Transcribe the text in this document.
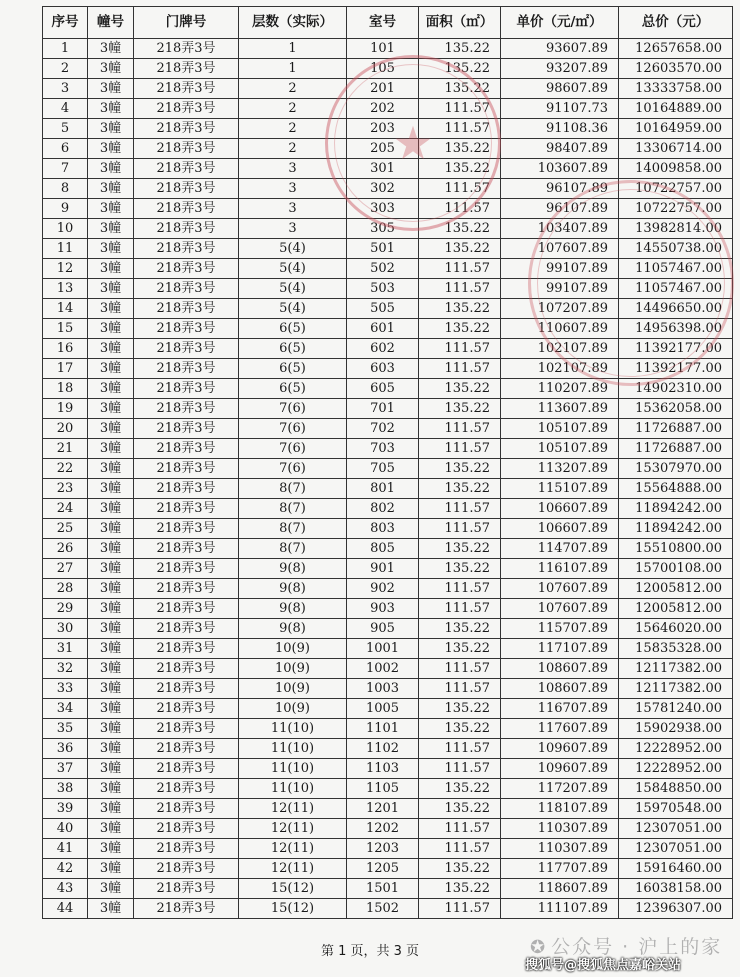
序号	幢号	门牌号	层数（实际）	室号	面积（㎡）	单价（元/㎡）	总价（元）
1	3幢	218弄3号	1	101	135.22	93607.89	12657658.00
2	3幢	218弄3号	1	105	135.22	93207.89	12603570.00
3	3幢	218弄3号	2	201	135.22	98607.89	13333758.00
4	3幢	218弄3号	2	202	111.57	91107.73	10164889.00
5	3幢	218弄3号	2	203	111.57	91108.36	10164959.00
6	3幢	218弄3号	2	205	135.22	98407.89	13306714.00
7	3幢	218弄3号	3	301	135.22	103607.89	14009858.00
8	3幢	218弄3号	3	302	111.57	96107.89	10722757.00
9	3幢	218弄3号	3	303	111.57	96107.89	10722757.00
10	3幢	218弄3号	3	305	135.22	103407.89	13982814.00
11	3幢	218弄3号	5(4)	501	135.22	107607.89	14550738.00
12	3幢	218弄3号	5(4)	502	111.57	99107.89	11057467.00
13	3幢	218弄3号	5(4)	503	111.57	99107.89	11057467.00
14	3幢	218弄3号	5(4)	505	135.22	107207.89	14496650.00
15	3幢	218弄3号	6(5)	601	135.22	110607.89	14956398.00
16	3幢	218弄3号	6(5)	602	111.57	102107.89	11392177.00
17	3幢	218弄3号	6(5)	603	111.57	102107.89	11392177.00
18	3幢	218弄3号	6(5)	605	135.22	110207.89	14902310.00
19	3幢	218弄3号	7(6)	701	135.22	113607.89	15362058.00
20	3幢	218弄3号	7(6)	702	111.57	105107.89	11726887.00
21	3幢	218弄3号	7(6)	703	111.57	105107.89	11726887.00
22	3幢	218弄3号	7(6)	705	135.22	113207.89	15307970.00
23	3幢	218弄3号	8(7)	801	135.22	115107.89	15564888.00
24	3幢	218弄3号	8(7)	802	111.57	106607.89	11894242.00
25	3幢	218弄3号	8(7)	803	111.57	106607.89	11894242.00
26	3幢	218弄3号	8(7)	805	135.22	114707.89	15510800.00
27	3幢	218弄3号	9(8)	901	135.22	116107.89	15700108.00
28	3幢	218弄3号	9(8)	902	111.57	107607.89	12005812.00
29	3幢	218弄3号	9(8)	903	111.57	107607.89	12005812.00
30	3幢	218弄3号	9(8)	905	135.22	115707.89	15646020.00
31	3幢	218弄3号	10(9)	1001	135.22	117107.89	15835328.00
32	3幢	218弄3号	10(9)	1002	111.57	108607.89	12117382.00
33	3幢	218弄3号	10(9)	1003	111.57	108607.89	12117382.00
34	3幢	218弄3号	10(9)	1005	135.22	116707.89	15781240.00
35	3幢	218弄3号	11(10)	1101	135.22	117607.89	15902938.00
36	3幢	218弄3号	11(10)	1102	111.57	109607.89	12228952.00
37	3幢	218弄3号	11(10)	1103	111.57	109607.89	12228952.00
38	3幢	218弄3号	11(10)	1105	135.22	117207.89	15848850.00
39	3幢	218弄3号	12(11)	1201	135.22	118107.89	15970548.00
40	3幢	218弄3号	12(11)	1202	111.57	110307.89	12307051.00
41	3幢	218弄3号	12(11)	1203	111.57	110307.89	12307051.00
42	3幢	218弄3号	12(11)	1205	135.22	117707.89	15916460.00
43	3幢	218弄3号	15(12)	1501	135.22	118607.89	16038158.00
44	3幢	218弄3号	15(12)	1502	111.57	111107.89	12396307.00
★
第 1 页，共 3 页	✪ 公众号 · 沪上的家
搜狐号@搜狐焦点嘉峪关站
